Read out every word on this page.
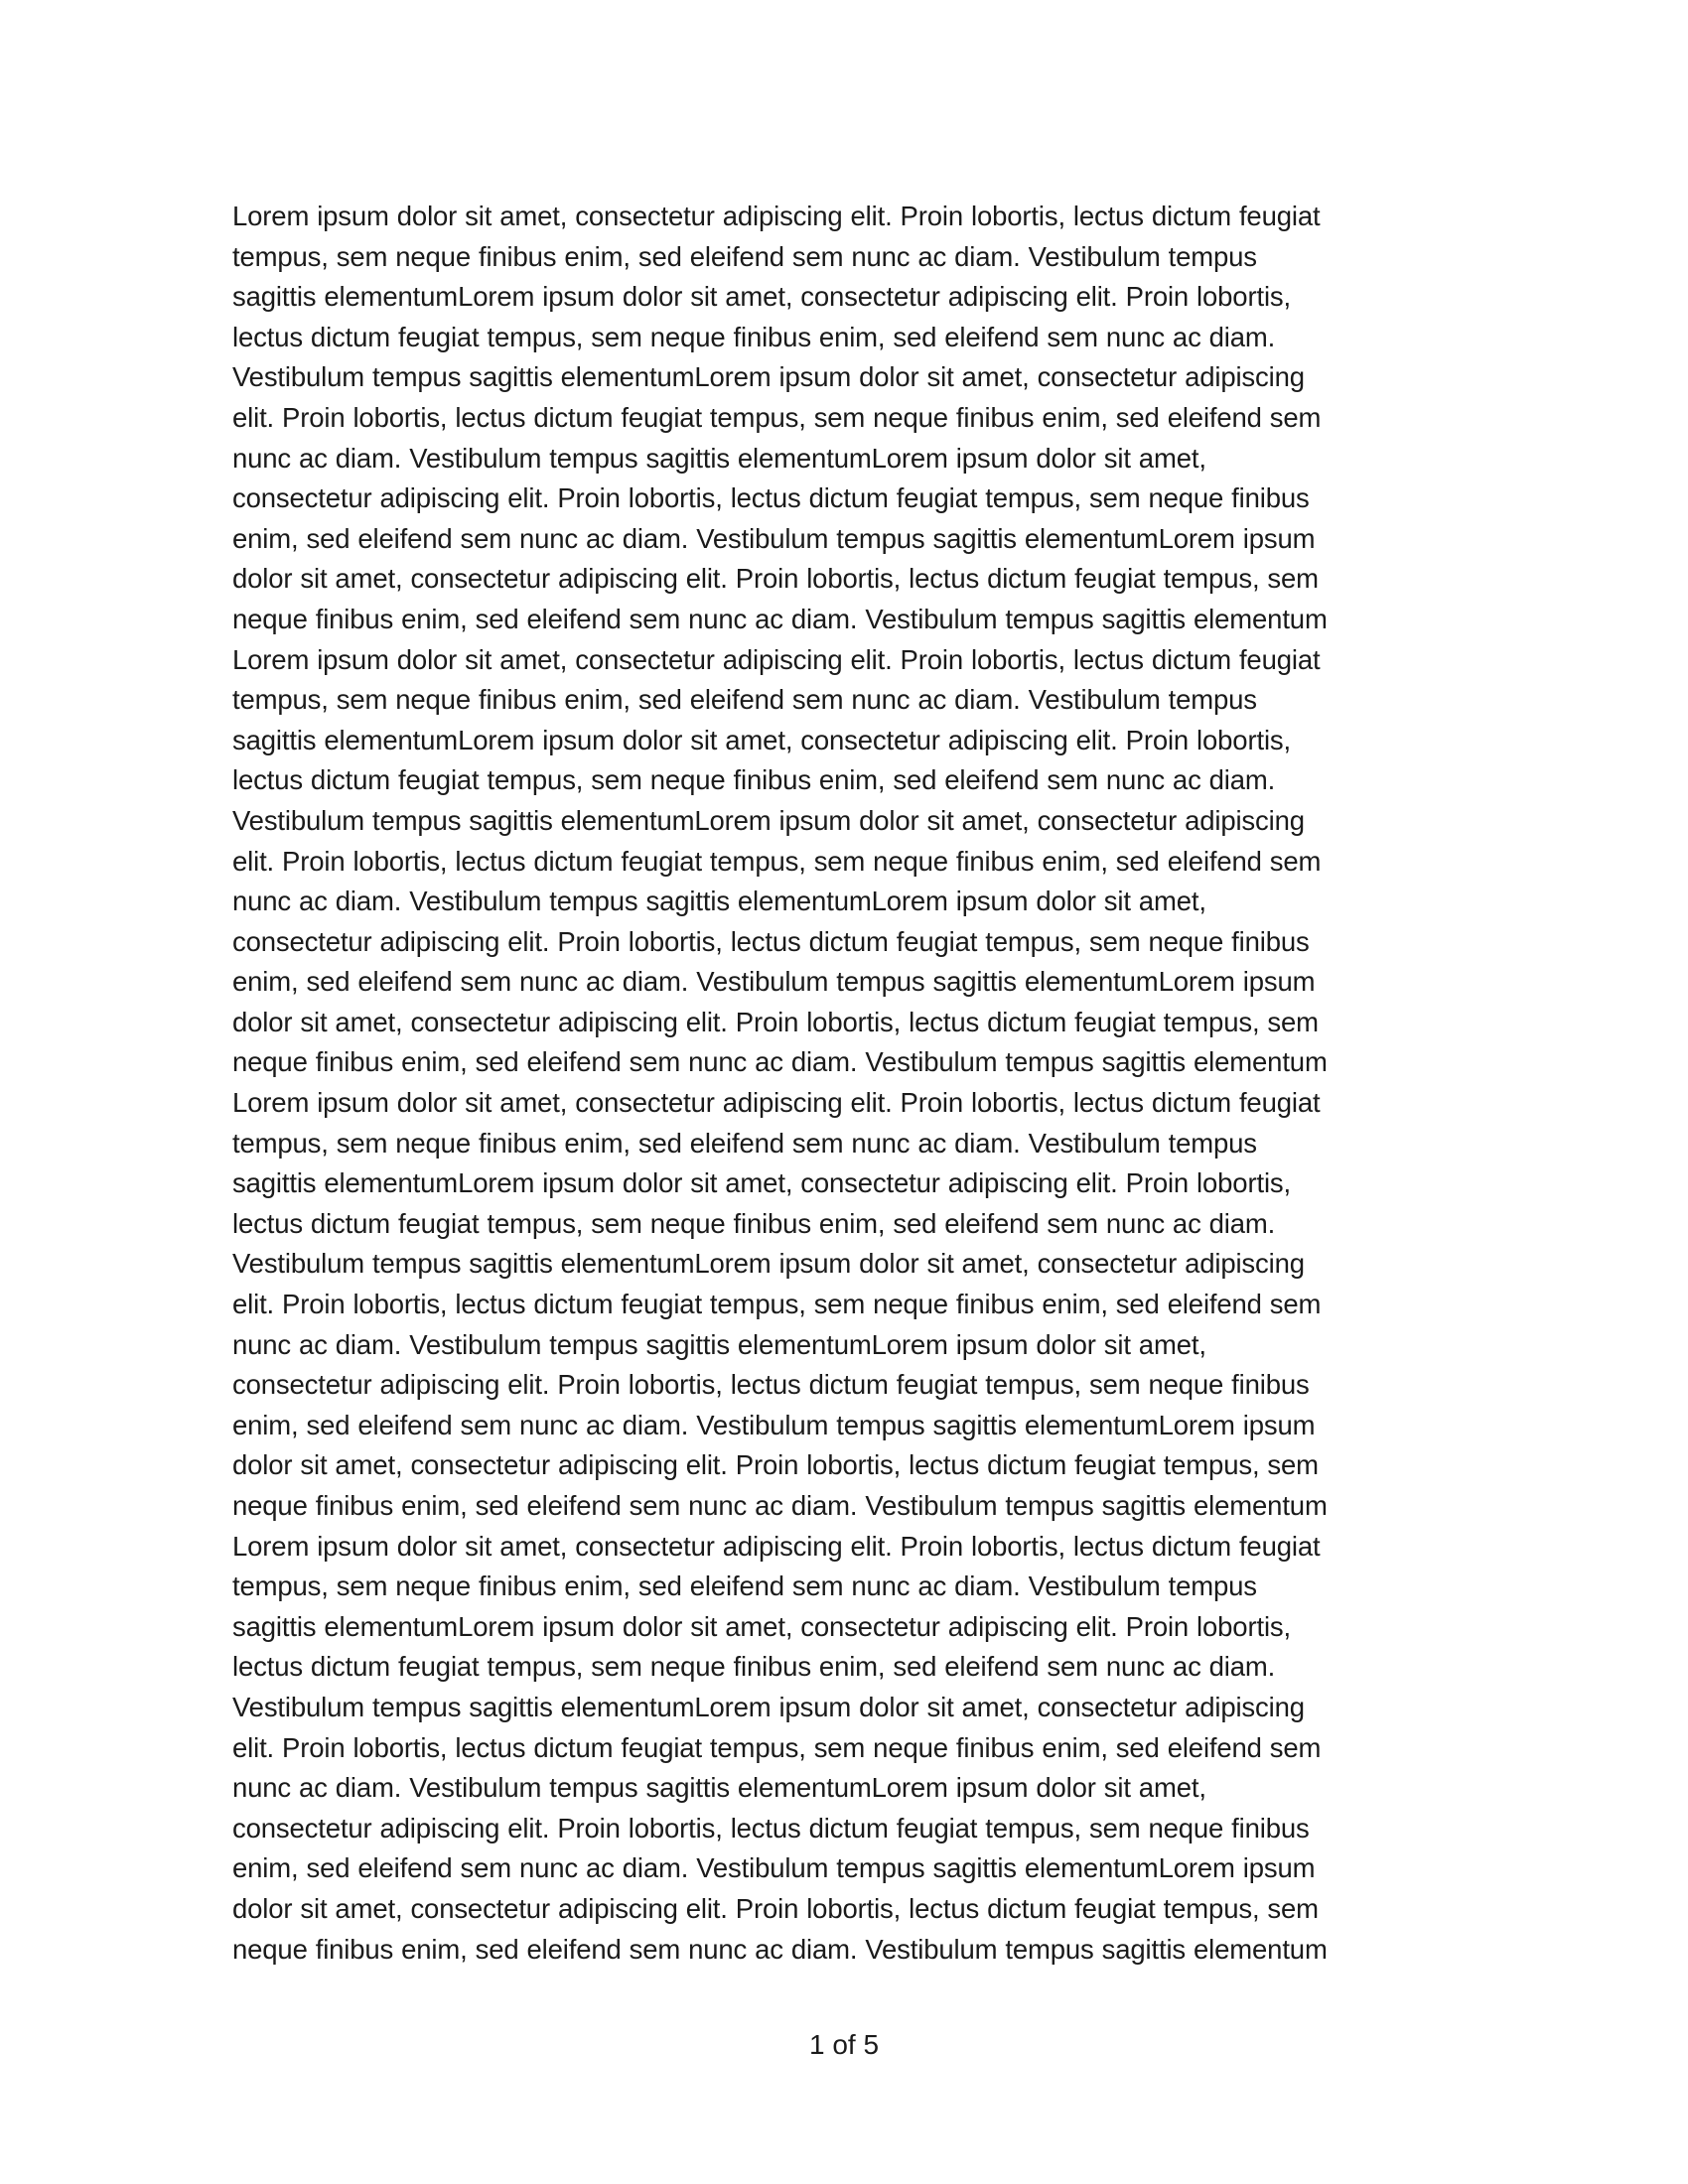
Lorem ipsum dolor sit amet, consectetur adipiscing elit. Proin lobortis, lectus dictum feugiat
tempus, sem neque finibus enim, sed eleifend sem nunc ac diam. Vestibulum tempus
sagittis elementumLorem ipsum dolor sit amet, consectetur adipiscing elit. Proin lobortis,
lectus dictum feugiat tempus, sem neque finibus enim, sed eleifend sem nunc ac diam.
Vestibulum tempus sagittis elementumLorem ipsum dolor sit amet, consectetur adipiscing
elit. Proin lobortis, lectus dictum feugiat tempus, sem neque finibus enim, sed eleifend sem
nunc ac diam. Vestibulum tempus sagittis elementumLorem ipsum dolor sit amet,
consectetur adipiscing elit. Proin lobortis, lectus dictum feugiat tempus, sem neque finibus
enim, sed eleifend sem nunc ac diam. Vestibulum tempus sagittis elementumLorem ipsum
dolor sit amet, consectetur adipiscing elit. Proin lobortis, lectus dictum feugiat tempus, sem
neque finibus enim, sed eleifend sem nunc ac diam. Vestibulum tempus sagittis elementum
Lorem ipsum dolor sit amet, consectetur adipiscing elit. Proin lobortis, lectus dictum feugiat
tempus, sem neque finibus enim, sed eleifend sem nunc ac diam. Vestibulum tempus
sagittis elementumLorem ipsum dolor sit amet, consectetur adipiscing elit. Proin lobortis,
lectus dictum feugiat tempus, sem neque finibus enim, sed eleifend sem nunc ac diam.
Vestibulum tempus sagittis elementumLorem ipsum dolor sit amet, consectetur adipiscing
elit. Proin lobortis, lectus dictum feugiat tempus, sem neque finibus enim, sed eleifend sem
nunc ac diam. Vestibulum tempus sagittis elementumLorem ipsum dolor sit amet,
consectetur adipiscing elit. Proin lobortis, lectus dictum feugiat tempus, sem neque finibus
enim, sed eleifend sem nunc ac diam. Vestibulum tempus sagittis elementumLorem ipsum
dolor sit amet, consectetur adipiscing elit. Proin lobortis, lectus dictum feugiat tempus, sem
neque finibus enim, sed eleifend sem nunc ac diam. Vestibulum tempus sagittis elementum
Lorem ipsum dolor sit amet, consectetur adipiscing elit. Proin lobortis, lectus dictum feugiat
tempus, sem neque finibus enim, sed eleifend sem nunc ac diam. Vestibulum tempus
sagittis elementumLorem ipsum dolor sit amet, consectetur adipiscing elit. Proin lobortis,
lectus dictum feugiat tempus, sem neque finibus enim, sed eleifend sem nunc ac diam.
Vestibulum tempus sagittis elementumLorem ipsum dolor sit amet, consectetur adipiscing
elit. Proin lobortis, lectus dictum feugiat tempus, sem neque finibus enim, sed eleifend sem
nunc ac diam. Vestibulum tempus sagittis elementumLorem ipsum dolor sit amet,
consectetur adipiscing elit. Proin lobortis, lectus dictum feugiat tempus, sem neque finibus
enim, sed eleifend sem nunc ac diam. Vestibulum tempus sagittis elementumLorem ipsum
dolor sit amet, consectetur adipiscing elit. Proin lobortis, lectus dictum feugiat tempus, sem
neque finibus enim, sed eleifend sem nunc ac diam. Vestibulum tempus sagittis elementum
Lorem ipsum dolor sit amet, consectetur adipiscing elit. Proin lobortis, lectus dictum feugiat
tempus, sem neque finibus enim, sed eleifend sem nunc ac diam. Vestibulum tempus
sagittis elementumLorem ipsum dolor sit amet, consectetur adipiscing elit. Proin lobortis,
lectus dictum feugiat tempus, sem neque finibus enim, sed eleifend sem nunc ac diam.
Vestibulum tempus sagittis elementumLorem ipsum dolor sit amet, consectetur adipiscing
elit. Proin lobortis, lectus dictum feugiat tempus, sem neque finibus enim, sed eleifend sem
nunc ac diam. Vestibulum tempus sagittis elementumLorem ipsum dolor sit amet,
consectetur adipiscing elit. Proin lobortis, lectus dictum feugiat tempus, sem neque finibus
enim, sed eleifend sem nunc ac diam. Vestibulum tempus sagittis elementumLorem ipsum
dolor sit amet, consectetur adipiscing elit. Proin lobortis, lectus dictum feugiat tempus, sem
neque finibus enim, sed eleifend sem nunc ac diam. Vestibulum tempus sagittis elementum
1 of 5
